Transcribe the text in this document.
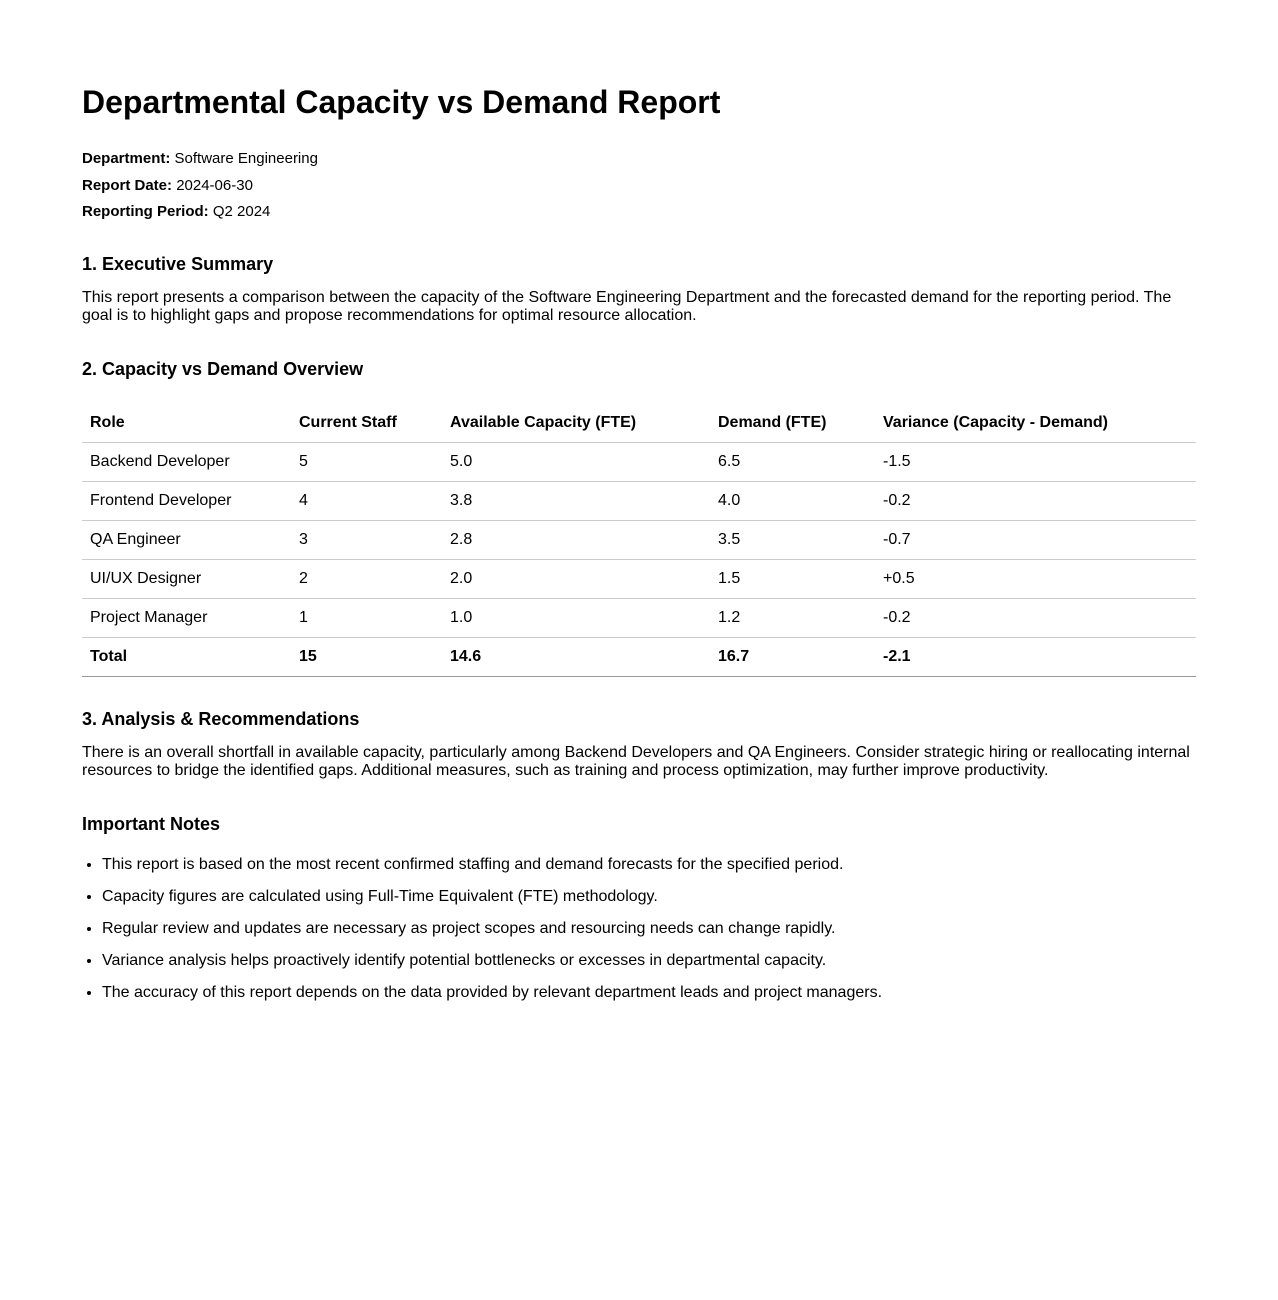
Departmental Capacity vs Demand Report
Department: Software Engineering
Report Date: 2024-06-30
Reporting Period: Q2 2024
1. Executive Summary

This report presents a comparison between the capacity of the Software Engineering Department and the forecasted demand for the reporting period. The goal is to highlight gaps and propose recommendations for optimal resource allocation.

2. Capacity vs Demand Overview
Role	Current Staff	Available Capacity (FTE)	Demand (FTE)	Variance (Capacity - Demand)
Backend Developer	5	5.0	6.5	-1.5
Frontend Developer	4	3.8	4.0	-0.2
QA Engineer	3	2.8	3.5	-0.7
UI/UX Designer	2	2.0	1.5	+0.5
Project Manager	1	1.0	1.2	-0.2
Total	15	14.6	16.7	-2.1
3. Analysis & Recommendations

There is an overall shortfall in available capacity, particularly among Backend Developers and QA Engineers. Consider strategic hiring or reallocating internal resources to bridge the identified gaps. Additional measures, such as training and process optimization, may further improve productivity.

Important Notes
• This report is based on the most recent confirmed staffing and demand forecasts for the specified period.
• Capacity figures are calculated using Full-Time Equivalent (FTE) methodology.
• Regular review and updates are necessary as project scopes and resourcing needs can change rapidly.
• Variance analysis helps proactively identify potential bottlenecks or excesses in departmental capacity.
• The accuracy of this report depends on the data provided by relevant department leads and project managers.
